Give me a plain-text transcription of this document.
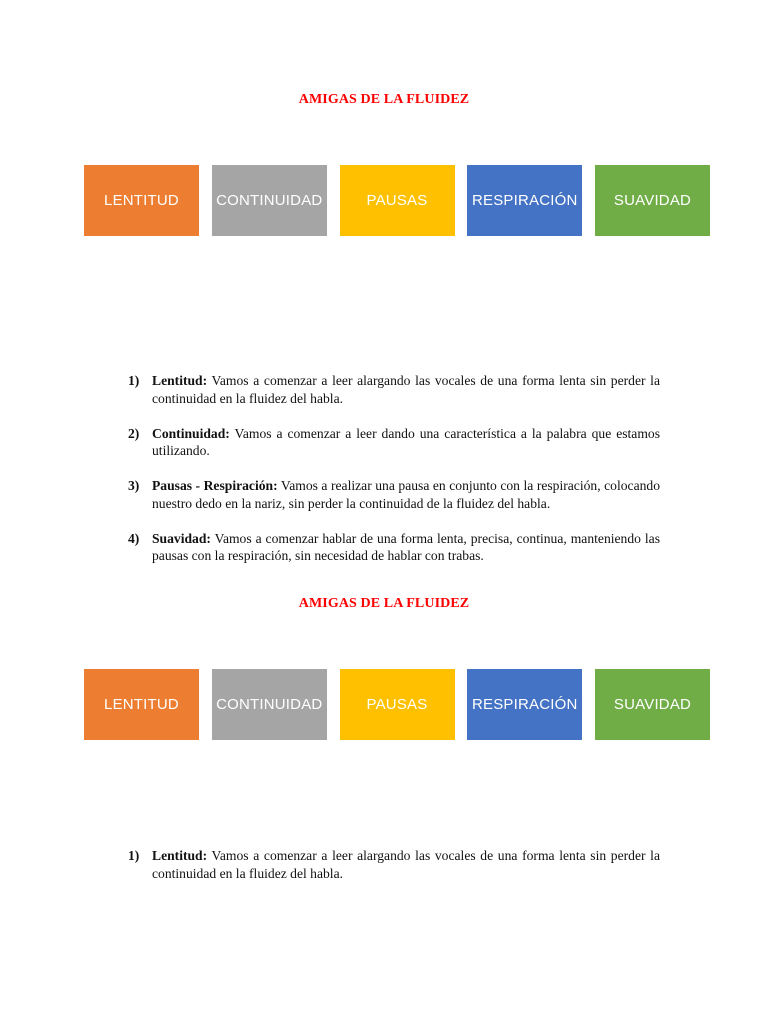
AMIGAS DE LA FLUIDEZ
LENTITUD	CONTINUIDAD	PAUSAS	RESPIRACIÓN	SUAVIDAD
1) Lentitud: Vamos a comenzar a leer alargando las vocales de una forma lenta sin perder la continuidad en la fluidez del habla.
2) Continuidad: Vamos a comenzar a leer dando una característica a la palabra que estamos utilizando.
3) Pausas - Respiración: Vamos a realizar una pausa en conjunto con la respiración, colocando nuestro dedo en la nariz, sin perder la continuidad de la fluidez del habla.
4) Suavidad: Vamos a comenzar hablar de una forma lenta, precisa, continua, manteniendo las pausas con la respiración, sin necesidad de hablar con trabas.
AMIGAS DE LA FLUIDEZ
LENTITUD	CONTINUIDAD	PAUSAS	RESPIRACIÓN	SUAVIDAD
1) Lentitud: Vamos a comenzar a leer alargando las vocales de una forma lenta sin perder la continuidad en la fluidez del habla.
